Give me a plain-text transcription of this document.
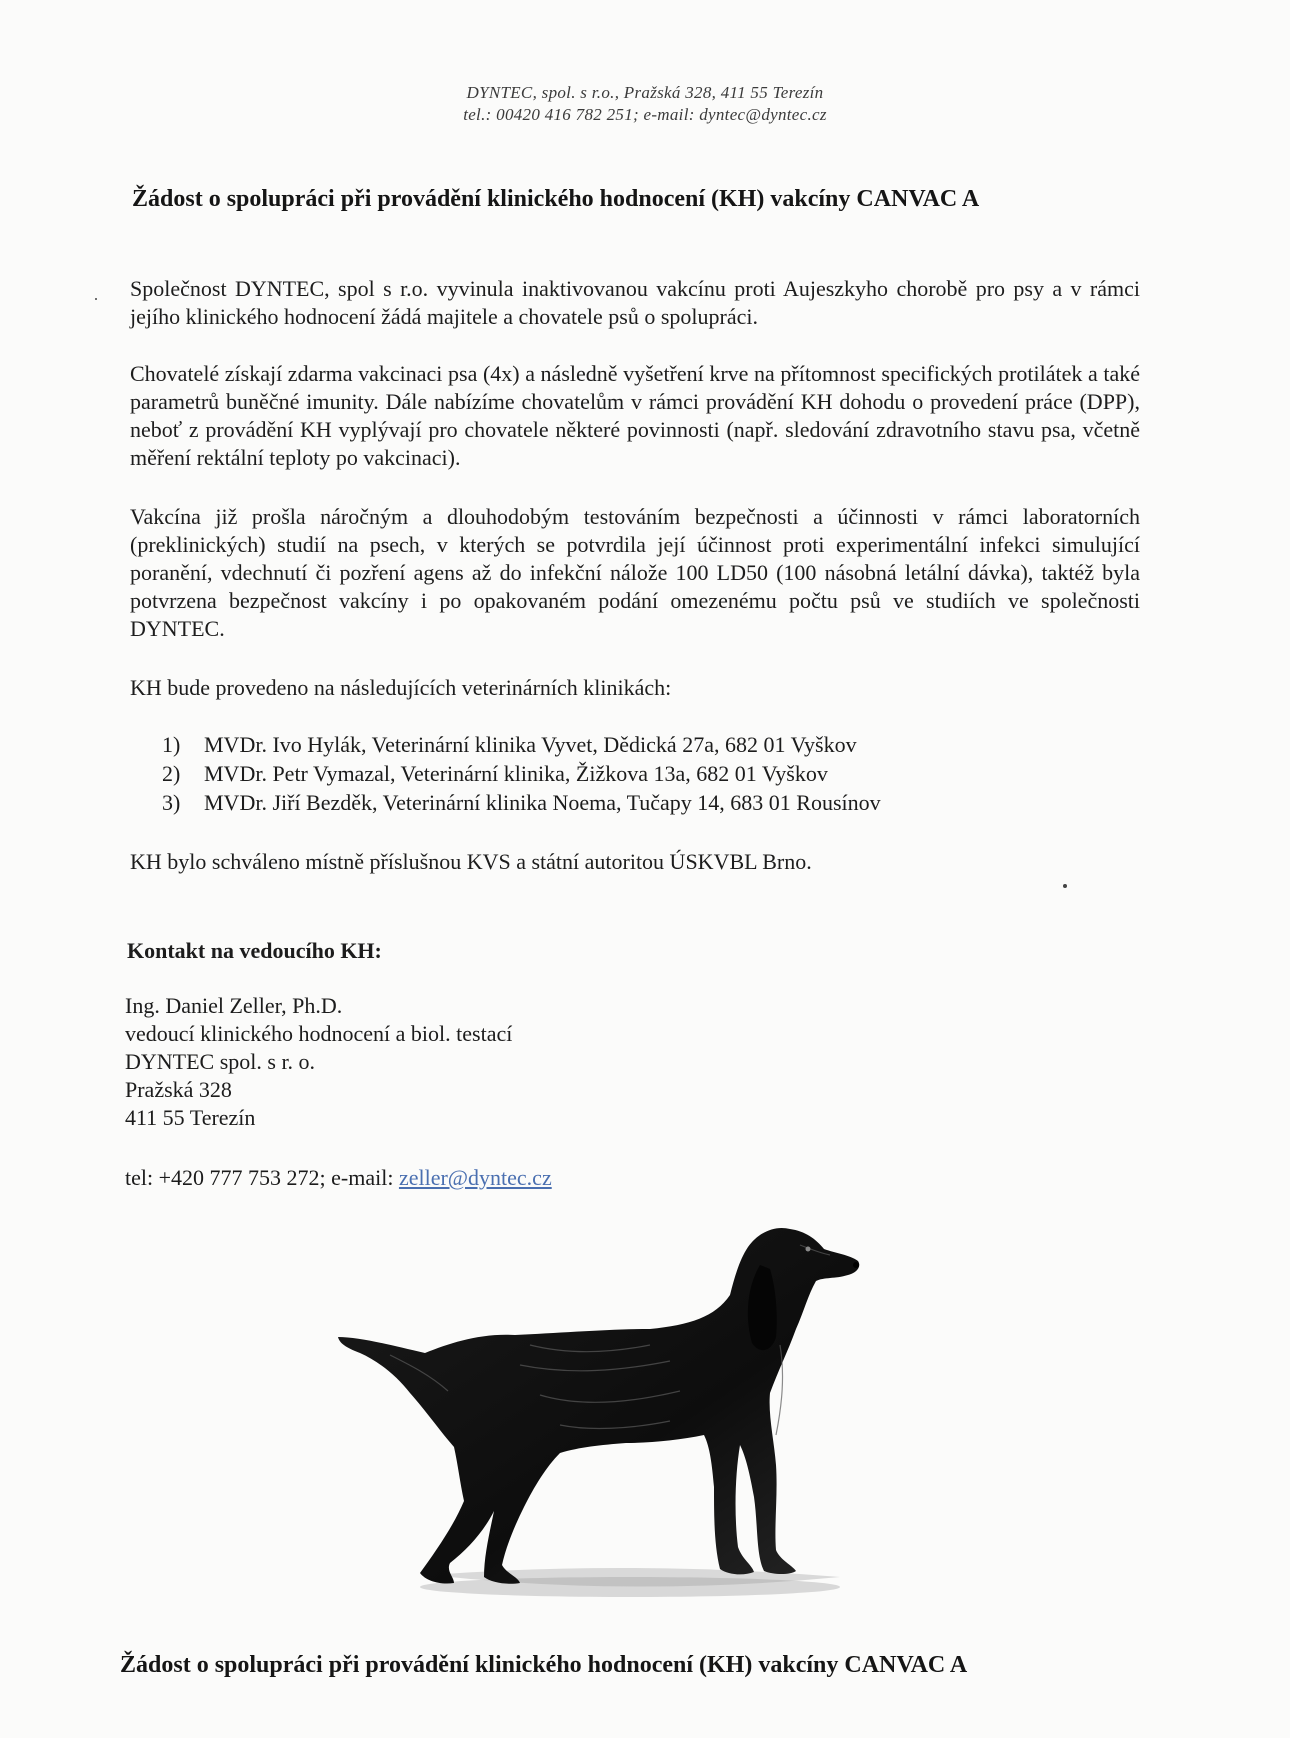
DYNTEC, spol. s r.o., Pražská 328, 411 55 Terezín
tel.: 00420 416 782 251; e-mail: dyntec@dyntec.cz
Žádost o spolupráci při provádění klinického hodnocení (KH) vakcíny CANVAC A
Společnost DYNTEC, spol s r.o. vyvinula inaktivovanou vakcínu proti Aujeszkyho chorobě pro psy a v rámci jejího klinického hodnocení žádá majitele a chovatele psů o spolupráci.
Chovatelé získají zdarma vakcinaci psa (4x) a následně vyšetření krve na přítomnost specifických protilátek a také parametrů buněčné imunity. Dále nabízíme chovatelům v rámci provádění KH dohodu o provedení práce (DPP), neboť z provádění KH vyplývají pro chovatele některé povinnosti (např. sledování zdravotního stavu psa, včetně měření rektální teploty po vakcinaci).
Vakcína již prošla náročným a dlouhodobým testováním bezpečnosti a účinnosti v rámci laboratorních (preklinických) studií na psech, v kterých se potvrdila její účinnost proti experimentální infekci simulující poranění, vdechnutí či pozření agens až do infekční nálože 100 LD50 (100 násobná letální dávka), taktéž byla potvrzena bezpečnost vakcíny i po opakovaném podání omezenému počtu psů ve studiích ve společnosti DYNTEC.
KH bude provedeno na následujících veterinárních klinikách:
1) MVDr. Ivo Hylák, Veterinární klinika Vyvet, Dědická 27a, 682 01 Vyškov
2) MVDr. Petr Vymazal, Veterinární klinika, Žižkova 13a, 682 01 Vyškov
3) MVDr. Jiří Bezděk, Veterinární klinika Noema, Tučapy 14, 683 01 Rousínov
KH bylo schváleno místně příslušnou KVS a státní autoritou ÚSKVBL Brno.
Kontakt na vedoucího KH:
Ing. Daniel Zeller, Ph.D.
vedoucí klinického hodnocení a biol. testací
DYNTEC spol. s r. o.
Pražská 328
411 55 Terezín
tel: +420 777 753 272; e-mail: zeller@dyntec.cz
Žádost o spolupráci při provádění klinického hodnocení (KH) vakcíny CANVAC A
